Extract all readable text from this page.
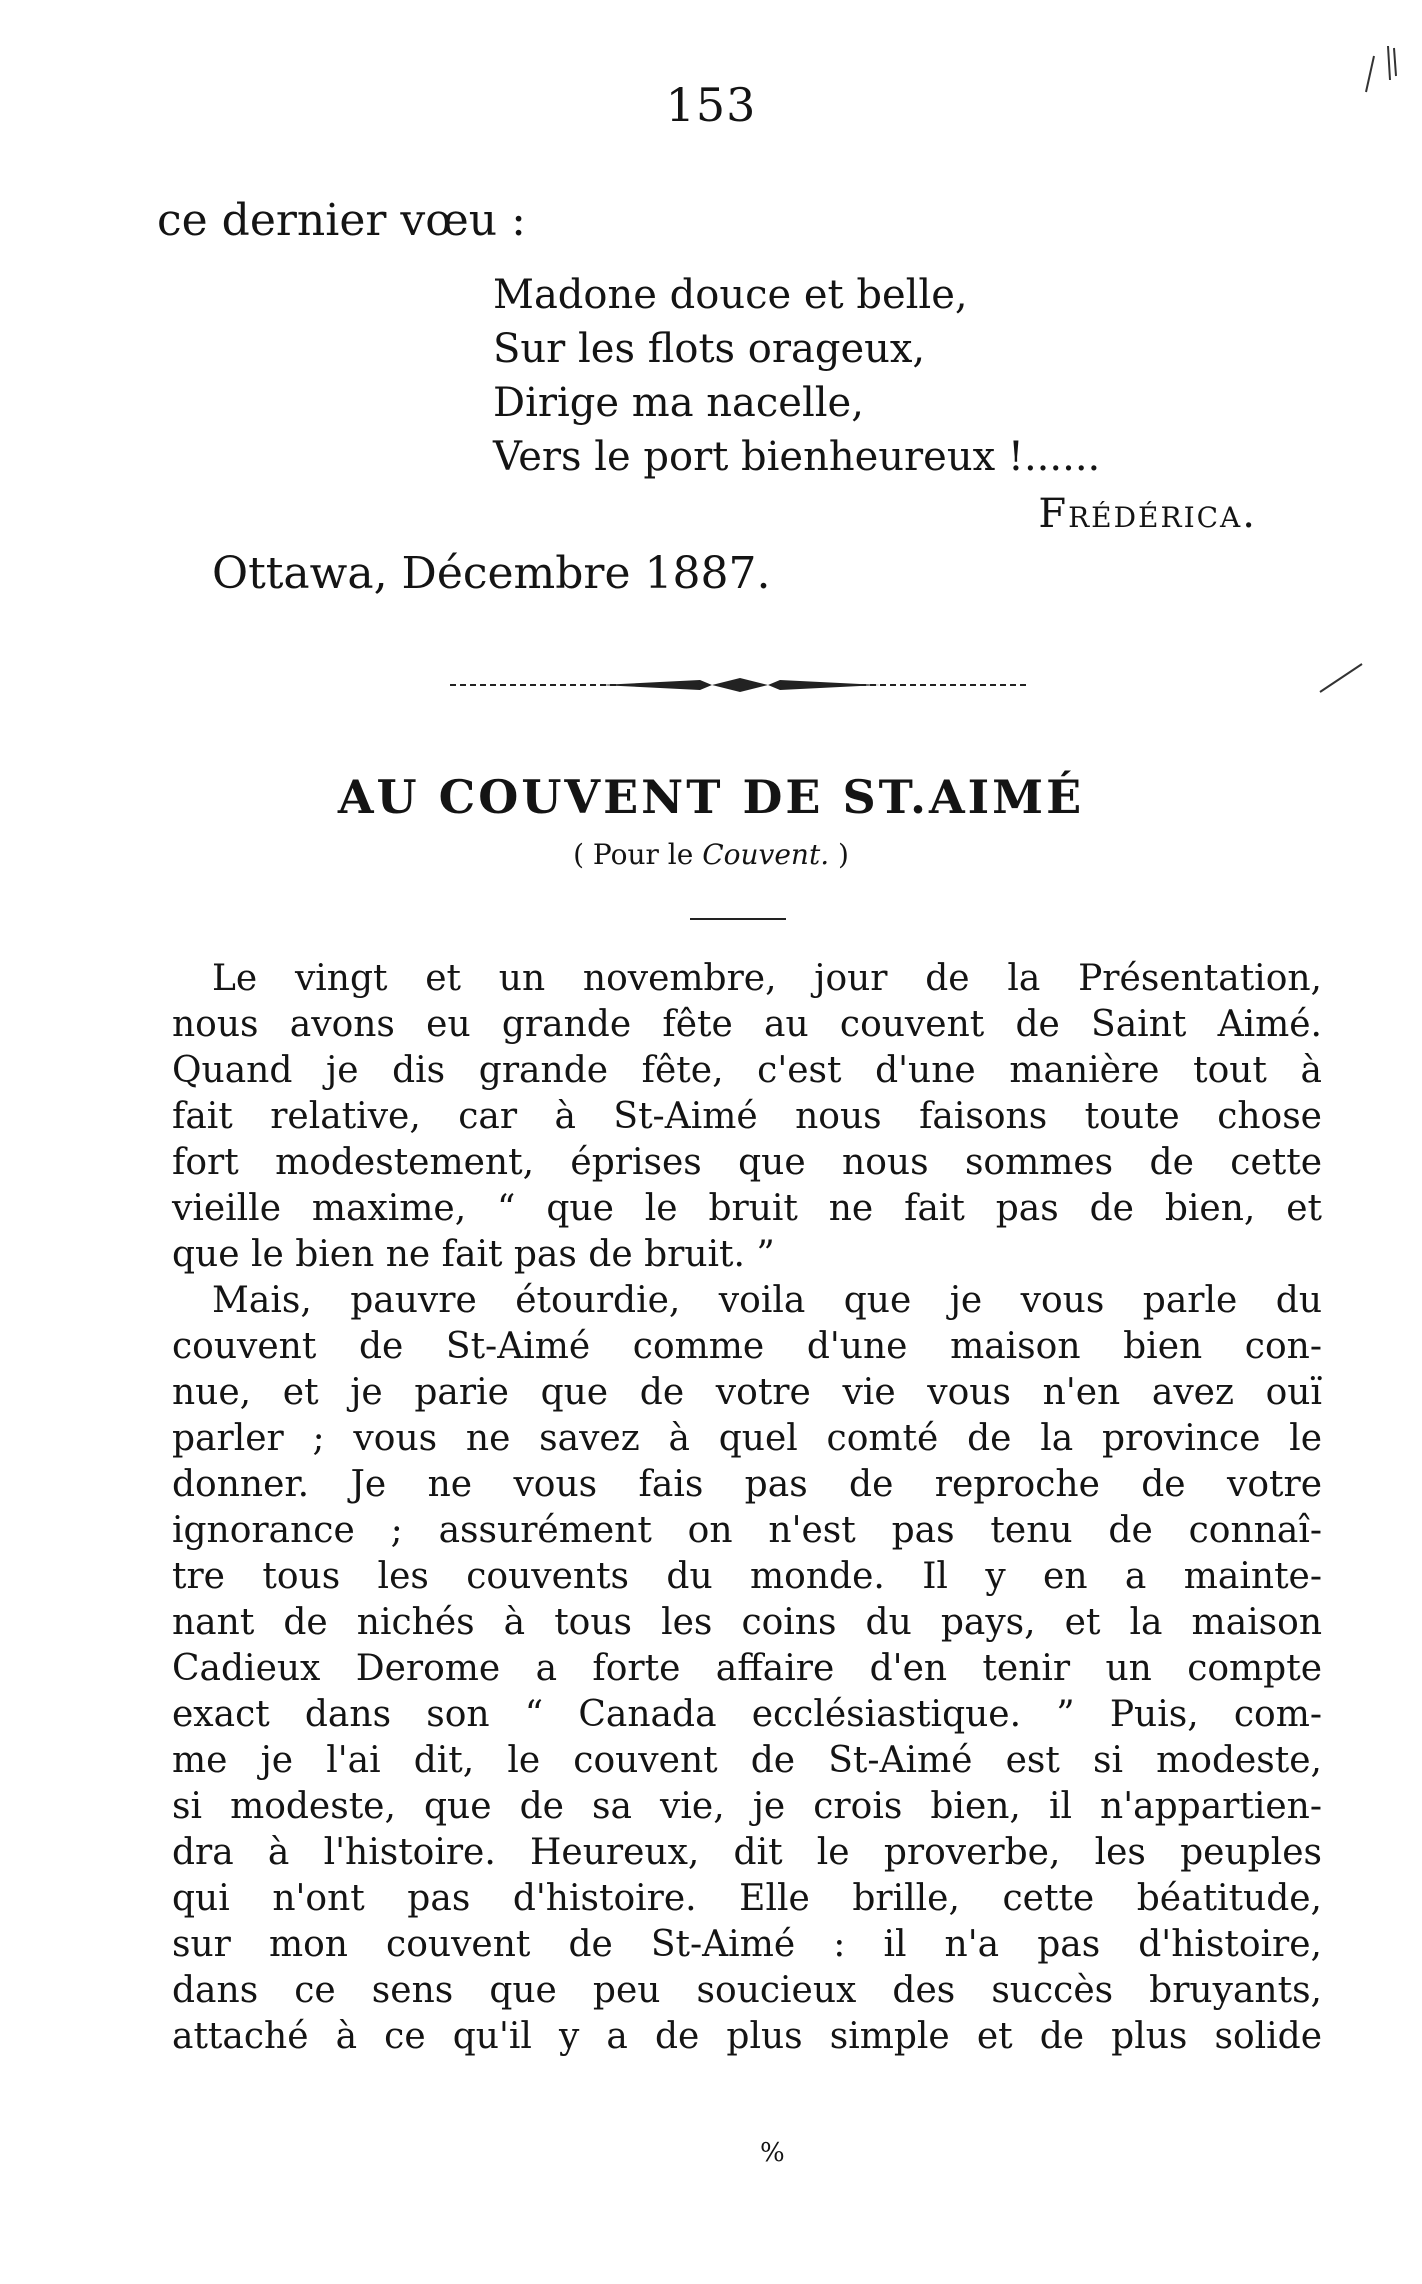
153
ce dernier vœu :
Madone douce et belle,
Sur les flots orageux,
Dirige ma nacelle,
Vers le port bienheureux !......
Frédérica.
Ottawa, Décembre 1887.
AU COUVENT DE ST.AIMÉ
( Pour le Couvent. )
Le vingt et un novembre, jour de la Présentation,
nous avons eu grande fête au couvent de Saint Aimé.
Quand je dis grande fête, c'est d'une manière tout à
fait relative, car à St-Aimé nous faisons toute chose
fort modestement, éprises que nous sommes de cette
vieille maxime, “ que le bruit ne fait pas de bien, et
que le bien ne fait pas de bruit. ”
Mais, pauvre étourdie, voila que je vous parle du
couvent de St-Aimé comme d'une maison bien con-
nue, et je parie que de votre vie vous n'en avez ouï
parler ; vous ne savez à quel comté de la province le
donner. Je ne vous fais pas de reproche de votre
ignorance ; assurément on n'est pas tenu de connaî-
tre tous les couvents du monde. Il y en a mainte-
nant de nichés à tous les coins du pays, et la maison
Cadieux Derome a forte affaire d'en tenir un compte
exact dans son “ Canada ecclésiastique. ” Puis, com-
me je l'ai dit, le couvent de St-Aimé est si modeste,
si modeste, que de sa vie, je crois bien, il n'appartien-
dra à l'histoire. Heureux, dit le proverbe, les peuples
qui n'ont pas d'histoire. Elle brille, cette béatitude,
sur mon couvent de St-Aimé : il n'a pas d'histoire,
dans ce sens que peu soucieux des succès bruyants,
attaché à ce qu'il y a de plus simple et de plus solide
%
